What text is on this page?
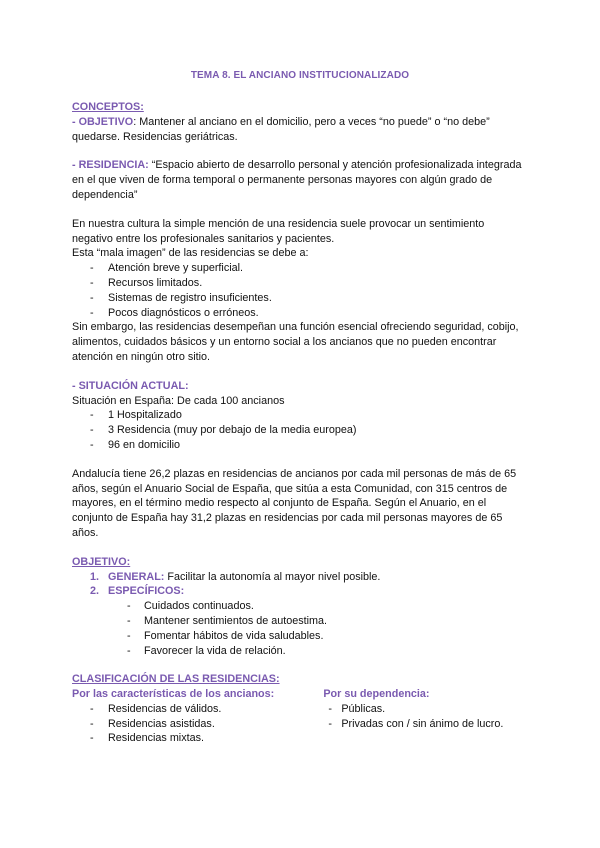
TEMA 8. EL ANCIANO INSTITUCIONALIZADO

CONCEPTOS:

- OBJETIVO: Mantener al anciano en el domicilio, pero a veces “no puede” o “no debe” quedarse. Residencias geriátricas.

- RESIDENCIA: “Espacio abierto de desarrollo personal y atención profesionalizada integrada en el que viven de forma temporal o permanente personas mayores con algún grado de dependencia”

En nuestra cultura la simple mención de una residencia suele provocar un sentimiento negativo entre los profesionales sanitarios y pacientes.

Esta “mala imagen” de las residencias se debe a:

- Atención breve y superficial.
- Recursos limitados.
- Sistemas de registro insuficientes.
- Pocos diagnósticos o erróneos.

Sin embargo, las residencias desempeñan una función esencial ofreciendo seguridad, cobijo, alimentos, cuidados básicos y un entorno social a los ancianos que no pueden encontrar atención en ningún otro sitio.

- SITUACIÓN ACTUAL:

Situación en España: De cada 100 ancianos

- 1 Hospitalizado
- 3 Residencia (muy por debajo de la media europea)
- 96 en domicilio

Andalucía tiene 26,2 plazas en residencias de ancianos por cada mil personas de más de 65 años, según el Anuario Social de España, que sitúa a esta Comunidad, con 315 centros de mayores, en el término medio respecto al conjunto de España. Según el Anuario, en el conjunto de España hay 31,2 plazas en residencias por cada mil personas mayores de 65 años.

OBJETIVO:

1. GENERAL: Facilitar la autonomía al mayor nivel posible.
2. ESPECÍFICOS:
- Cuidados continuados.
- Mantener sentimientos de autoestima.
- Fomentar hábitos de vida saludables.
- Favorecer la vida de relación.

CLASIFICACIÓN DE LAS RESIDENCIAS:

Por las características de los ancianos:

- Residencias de válidos.
- Residencias asistidas.
- Residencias mixtas.

Por su dependencia:

- Públicas.
- Privadas con / sin ánimo de lucro.
